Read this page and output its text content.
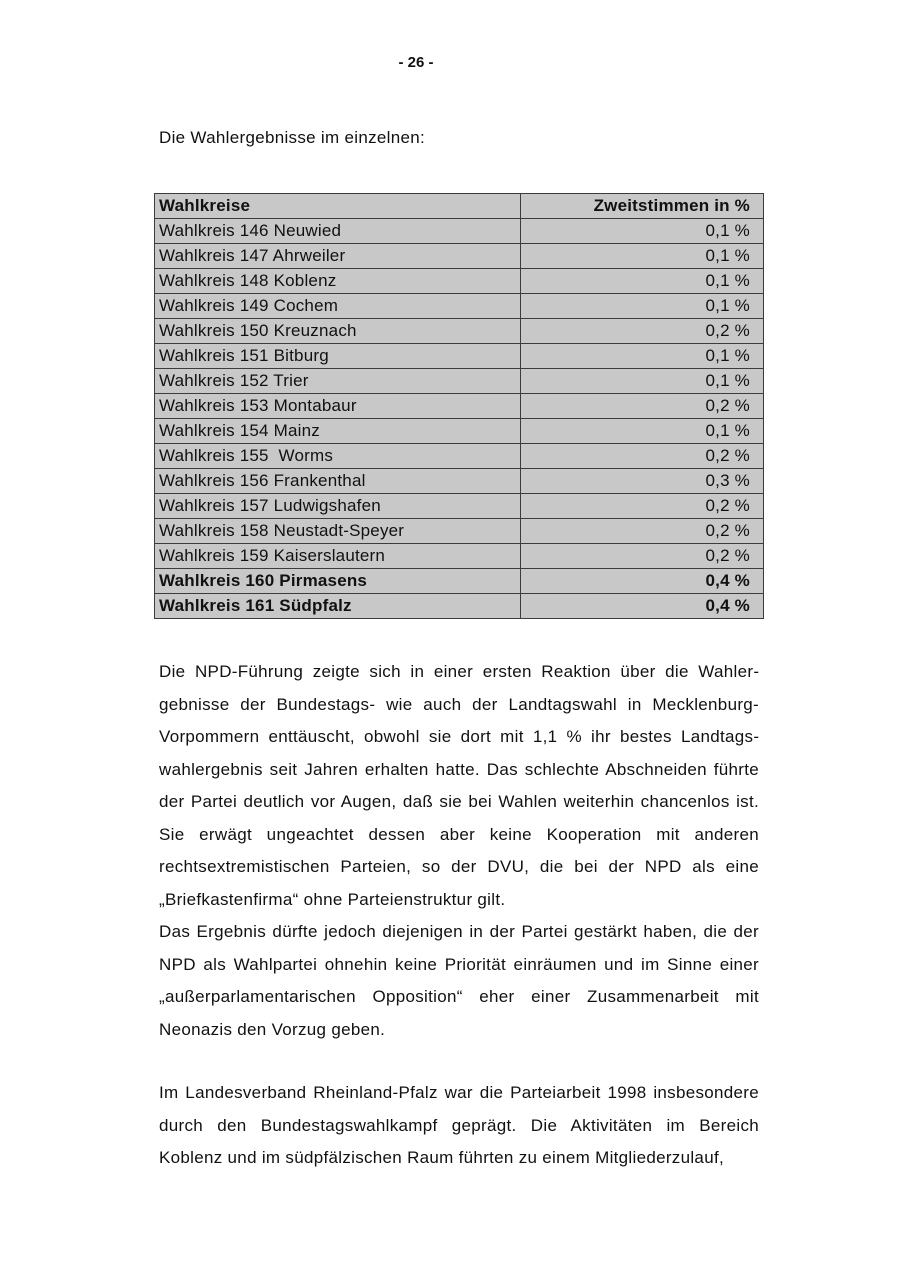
- 26 -
Die Wahlergebnisse im einzelnen:
Wahlkreise	Zweitstimmen in %
Wahlkreis 146 Neuwied	0,1 %
Wahlkreis 147 Ahrweiler	0,1 %
Wahlkreis 148 Koblenz	0,1 %
Wahlkreis 149 Cochem	0,1 %
Wahlkreis 150 Kreuznach	0,2 %
Wahlkreis 151 Bitburg	0,1 %
Wahlkreis 152 Trier	0,1 %
Wahlkreis 153 Montabaur	0,2 %
Wahlkreis 154 Mainz	0,1 %
Wahlkreis 155  Worms	0,2 %
Wahlkreis 156 Frankenthal	0,3 %
Wahlkreis 157 Ludwigshafen	0,2 %
Wahlkreis 158 Neustadt-Speyer	0,2 %
Wahlkreis 159 Kaiserslautern	0,2 %
Wahlkreis 160 Pirmasens	0,4 %
Wahlkreis 161 Südpfalz	0,4 %

Die NPD-Führung zeigte sich in einer ersten Reaktion über die Wahlergebnisse der Bundestags- wie auch der Landtagswahl in Mecklenburg-Vorpommern enttäuscht, obwohl sie dort mit 1,1 % ihr bestes Landtagswahlergebnis seit Jahren erhalten hatte. Das schlechte Abschneiden führte der Partei deutlich vor Augen, daß sie bei Wahlen weiterhin chancenlos ist. Sie erwägt ungeachtet dessen aber keine Kooperation mit anderen rechtsextremistischen Parteien, so der DVU, die bei der NPD als eine „Briefkastenfirma“ ohne Parteienstruktur gilt.

Das Ergebnis dürfte jedoch diejenigen in der Partei gestärkt haben, die der NPD als Wahlpartei ohnehin keine Priorität einräumen und im Sinne einer „außerparlamentarischen Opposition“ eher einer Zusammenarbeit mit Neonazis den Vorzug geben.

Im Landesverband Rheinland-Pfalz war die Parteiarbeit 1998 insbesondere durch den Bundestagswahlkampf geprägt. Die Aktivitäten im Bereich Koblenz und im südpfälzischen Raum führten zu einem Mitgliederzulauf,
